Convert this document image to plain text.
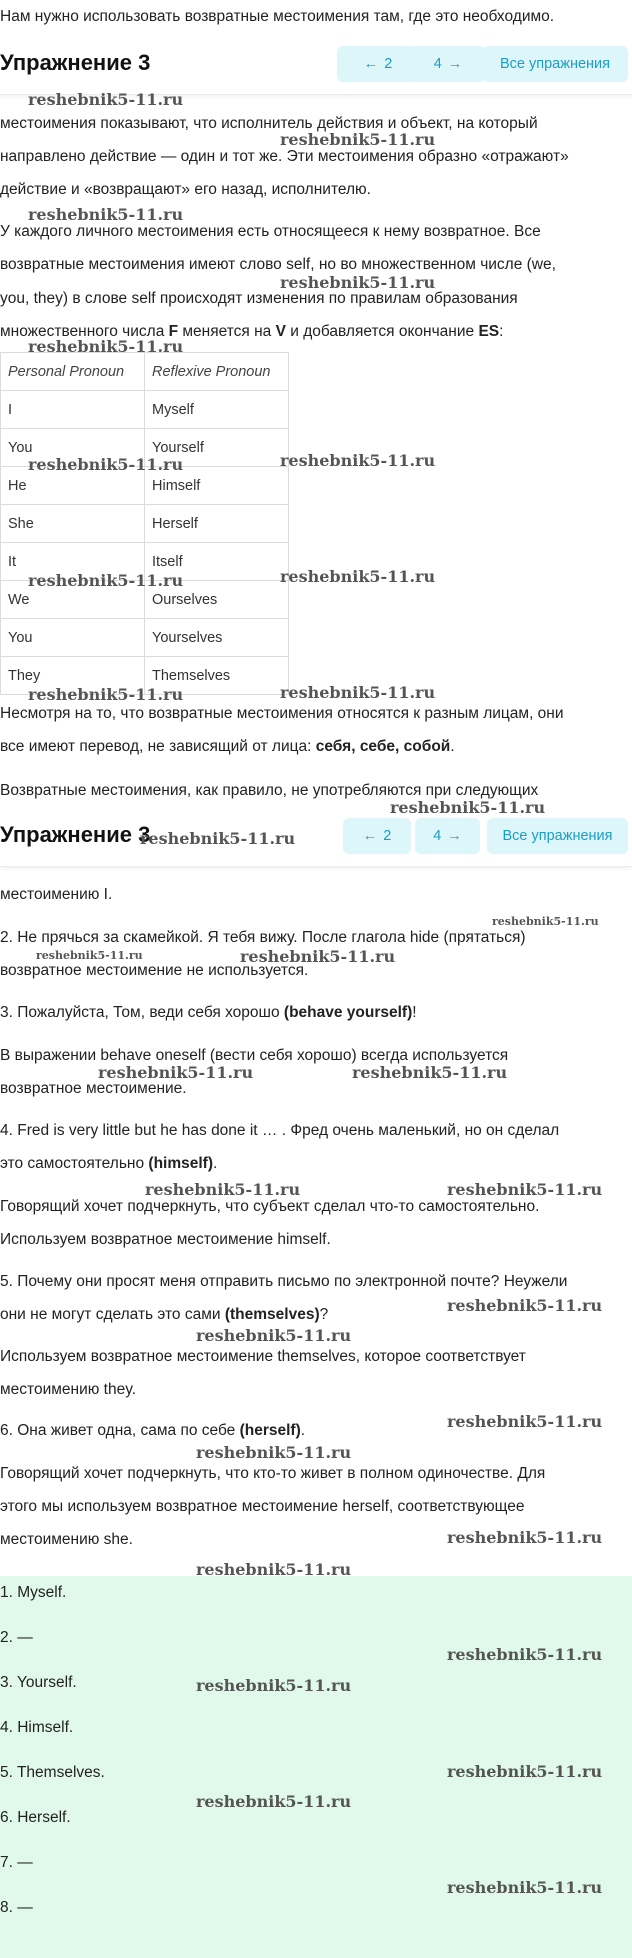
Нам нужно использовать возвратные местоимения там, где это необходимо.
Упражнение 3	← 2	4 →	Все упражнения
местоимения показывают, что исполнитель действия и объект, на который
направлено действие — один и тот же. Эти местоимения образно «отражают»
действие и «возвращают» его назад, исполнителю.
У каждого личного местоимения есть относящееся к нему возвратное. Все
возвратные местоимения имеют слово self, но во множественном числе (we,
you, they) в слове self происходят изменения по правилам образования
множественного числа F меняется на V и добавляется окончание ES:
Personal Pronoun	Reflexive Pronoun
I	Myself
You	Yourself
He	Himself
She	Herself
It	Itself
We	Ourselves
You	Yourselves
They	Themselves
Несмотря на то, что возвратные местоимения относятся к разным лицам, они
все имеют перевод, не зависящий от лица: себя, себе, собой.
Возвратные местоимения, как правило, не употребляются при следующих
Упражнение 3	← 2	4 →	Все упражнения
местоимению I.
2. Не прячься за скамейкой. Я тебя вижу. После глагола hide (прятаться)
возвратное местоимение не используется.
3. Пожалуйста, Том, веди себя хорошо (behave yourself)!
В выражении behave oneself (вести себя хорошо) всегда используется
возвратное местоимение.
4. Fred is very little but he has done it … . Фред очень маленький, но он сделал
это самостоятельно (himself).
Говорящий хочет подчеркнуть, что субъект сделал что-то самостоятельно.
Используем возвратное местоимение himself.
5. Почему они просят меня отправить письмо по электронной почте? Неужели
они не могут сделать это сами (themselves)?
Используем возвратное местоимение themselves, которое соответствует
местоимению they.
6. Она живет одна, сама по себе (herself).
Говорящий хочет подчеркнуть, что кто-то живет в полном одиночестве. Для
этого мы используем возвратное местоимение herself, соответствующее
местоимению she.
1. Myself.
2. —
3. Yourself.
4. Himself.
5. Themselves.
6. Herself.
7. —
8. —
reshebnik5-11.ru
reshebnik5-11.ru
reshebnik5-11.ru
reshebnik5-11.ru
reshebnik5-11.ru
reshebnik5-11.ru	reshebnik5-11.ru
reshebnik5-11.ru	reshebnik5-11.ru
reshebnik5-11.ru	reshebnik5-11.ru
reshebnik5-11.ru
reshebnik5-11.ru
reshebnik5-11.ru
reshebnik5-11.ru	reshebnik5-11.ru
reshebnik5-11.ru	reshebnik5-11.ru
reshebnik5-11.ru	reshebnik5-11.ru
reshebnik5-11.ru
reshebnik5-11.ru
reshebnik5-11.ru
reshebnik5-11.ru
reshebnik5-11.ru
reshebnik5-11.ru
reshebnik5-11.ru
reshebnik5-11.ru
reshebnik5-11.ru
reshebnik5-11.ru
reshebnik5-11.ru
